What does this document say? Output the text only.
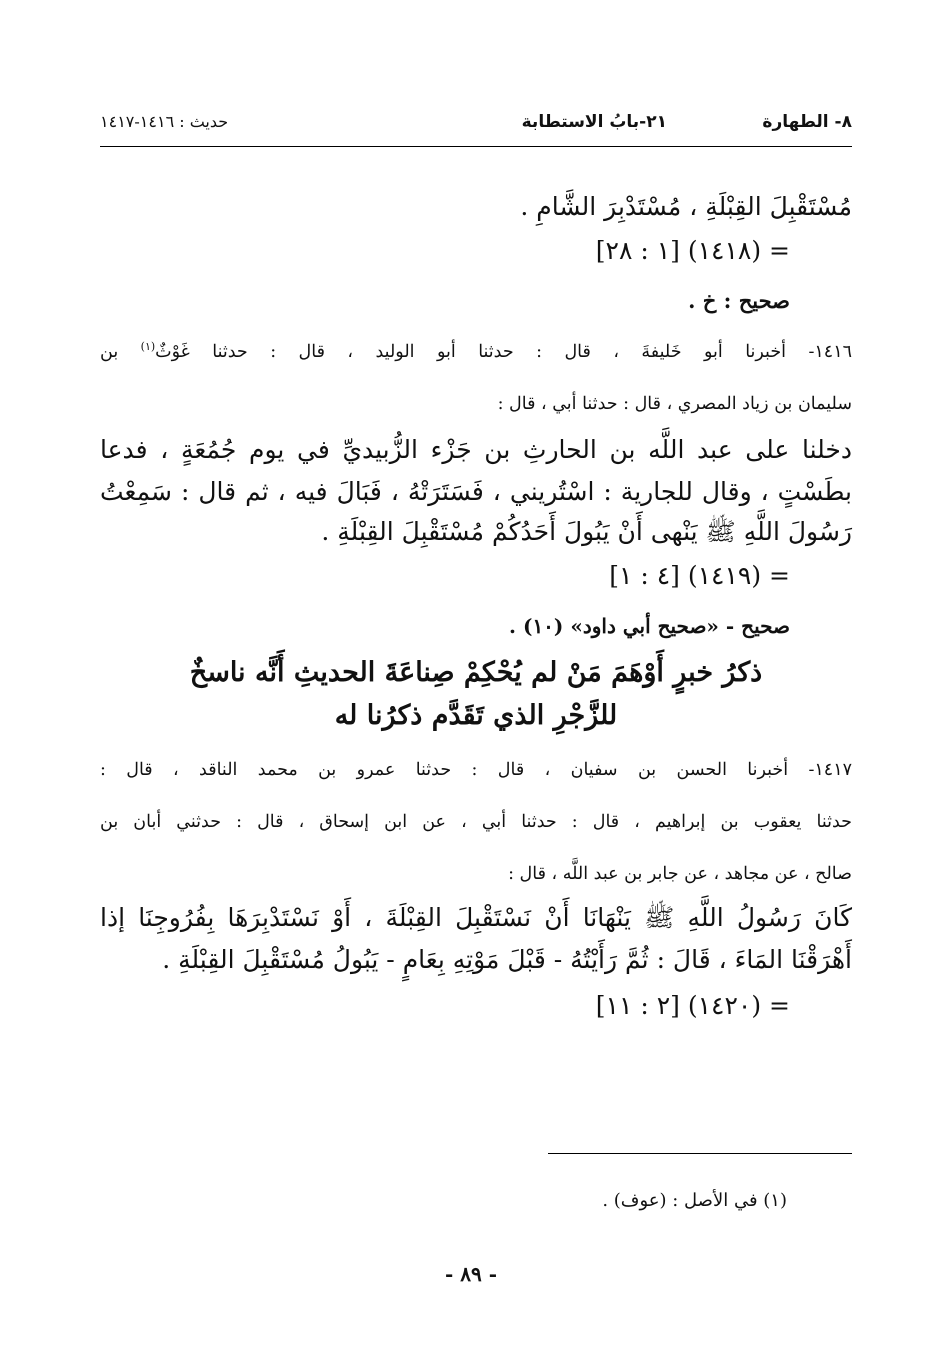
٨- الطهارة
٢١-بابُ الاستطابة
حديث : ١٤١٦-١٤١٧
مُسْتَقْبِلَ القِبْلَةِ ، مُسْتَدْبِرَ الشَّامِ .
= (١٤١٨) [١ : ٢٨]
صحيح : خ .
١٤١٦- أخبرنا أبو خَليفةَ ، قال : حدثنا أبو الوليد ، قال : حدثنا غَوْثٌ$^{(١)}$ بن
سليمان بن زياد المصري ، قال : حدثنا أبي ، قال :
دخلنا على عبد اللَّه بن الحارثِ بن جَزْء الزُّبيديِّ في يوم جُمُعَةٍ ، فدعا
بطَسْتٍ ، وقال للجارية : اسْتُريني ، فَسَتَرَتْهُ ، فَبَالَ فيه ، ثم قال : سَمِعْتُ
رَسُولَ اللَّهِ ﷺ يَنْهى أَنْ يَبُولَ أَحَدُكُمْ مُسْتَقْبِلَ القِبْلَةِ .
= (١٤١٩) [٤ : ١]
صحيح - «صحيح أبي داود» (١٠) .
ذكرُ خبرٍ أَوْهَمَ مَنْ لم يُحْكِمْ صِناعَةَ الحديثِ أَنَّه ناسخٌ
للزَّجْرِ الذي تَقَدَّم ذكرُنا له
١٤١٧- أخبرنا الحسن بن سفيان ، قال : حدثنا عمرو بن محمد الناقد ، قال :
حدثنا يعقوب بن إبراهيم ، قال : حدثنا أبي ، عن ابن إسحاق ، قال : حدثني أبان بن
صالح ، عن مجاهد ، عن جابر بن عبد اللَّه ، قال :
كَانَ رَسُولُ اللَّهِ ﷺ يَنْهَانَا أَنْ نَسْتَقْبِلَ القِبْلَةَ ، أَوْ نَسْتَدْبِرَهَا بِفُرُوجِنَا إذا
أَهْرَقْنَا المَاءَ ، قَالَ : ثُمَّ رَأَيْتُهُ - قَبْلَ مَوْتِهِ بِعَامٍ - يَبُولُ مُسْتَقْبِلَ القِبْلَةِ .
= (١٤٢٠) [٢ : ١١]
(١) في الأصل : (عوف) .
- ٨٩ -
